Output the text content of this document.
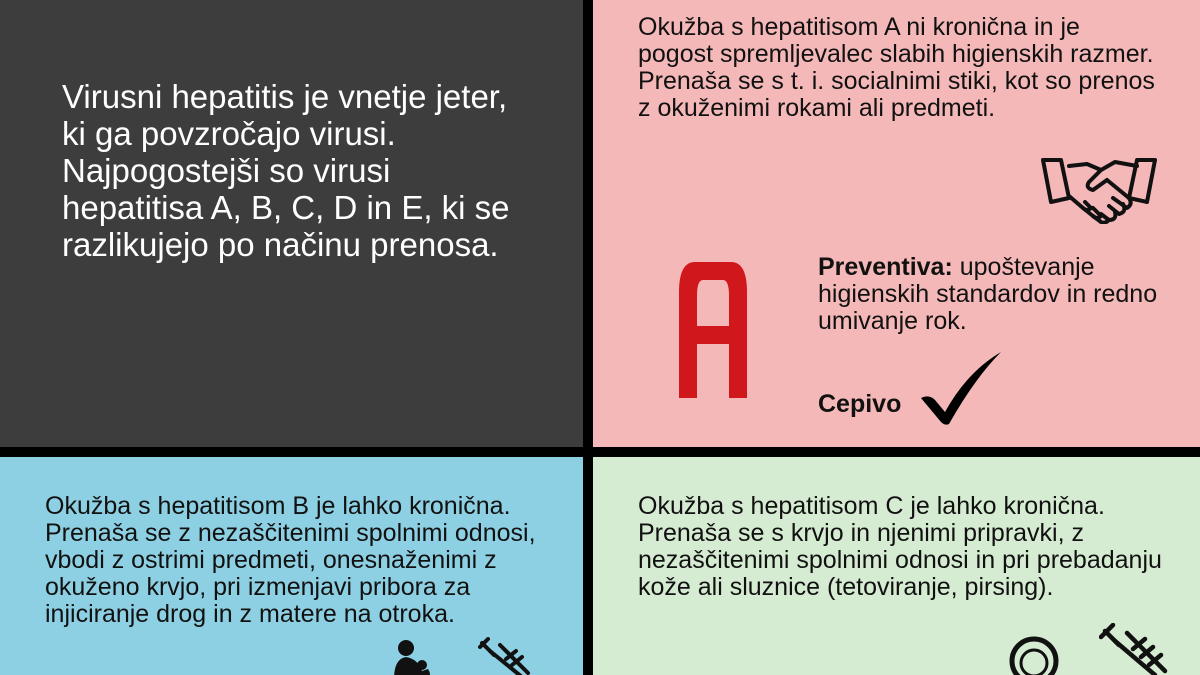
Virusni hepatitis je vnetje jeter, ki ga povzročajo virusi.

Najpogostejši so virusi hepatitisa A, B, C, D in E, ki se razlikujejo po načinu prenosa.

Okužba s hepatitisom A ni kronična in je pogost spremljevalec slabih higienskih razmer. Prenaša se s t. i. socialnimi stiki, kot so prenos z okuženimi rokami ali predmeti.

Preventiva: upoštevanje higienskih standardov in redno umivanje rok.

Cepivo

Okužba s hepatitisom B je lahko kronična. Prenaša se z nezaščitenimi spolnimi odnosi, vbodi z ostrimi predmeti, onesnaženimi z okuženo krvjo, pri izmenjavi pribora za injiciranje drog in z matere na otroka.

Okužba s hepatitisom C je lahko kronična. Prenaša se s krvjo in njenimi pripravki, z nezaščitenimi spolnimi odnosi in pri prebadanju kože ali sluznice (tetoviranje, pirsing).
